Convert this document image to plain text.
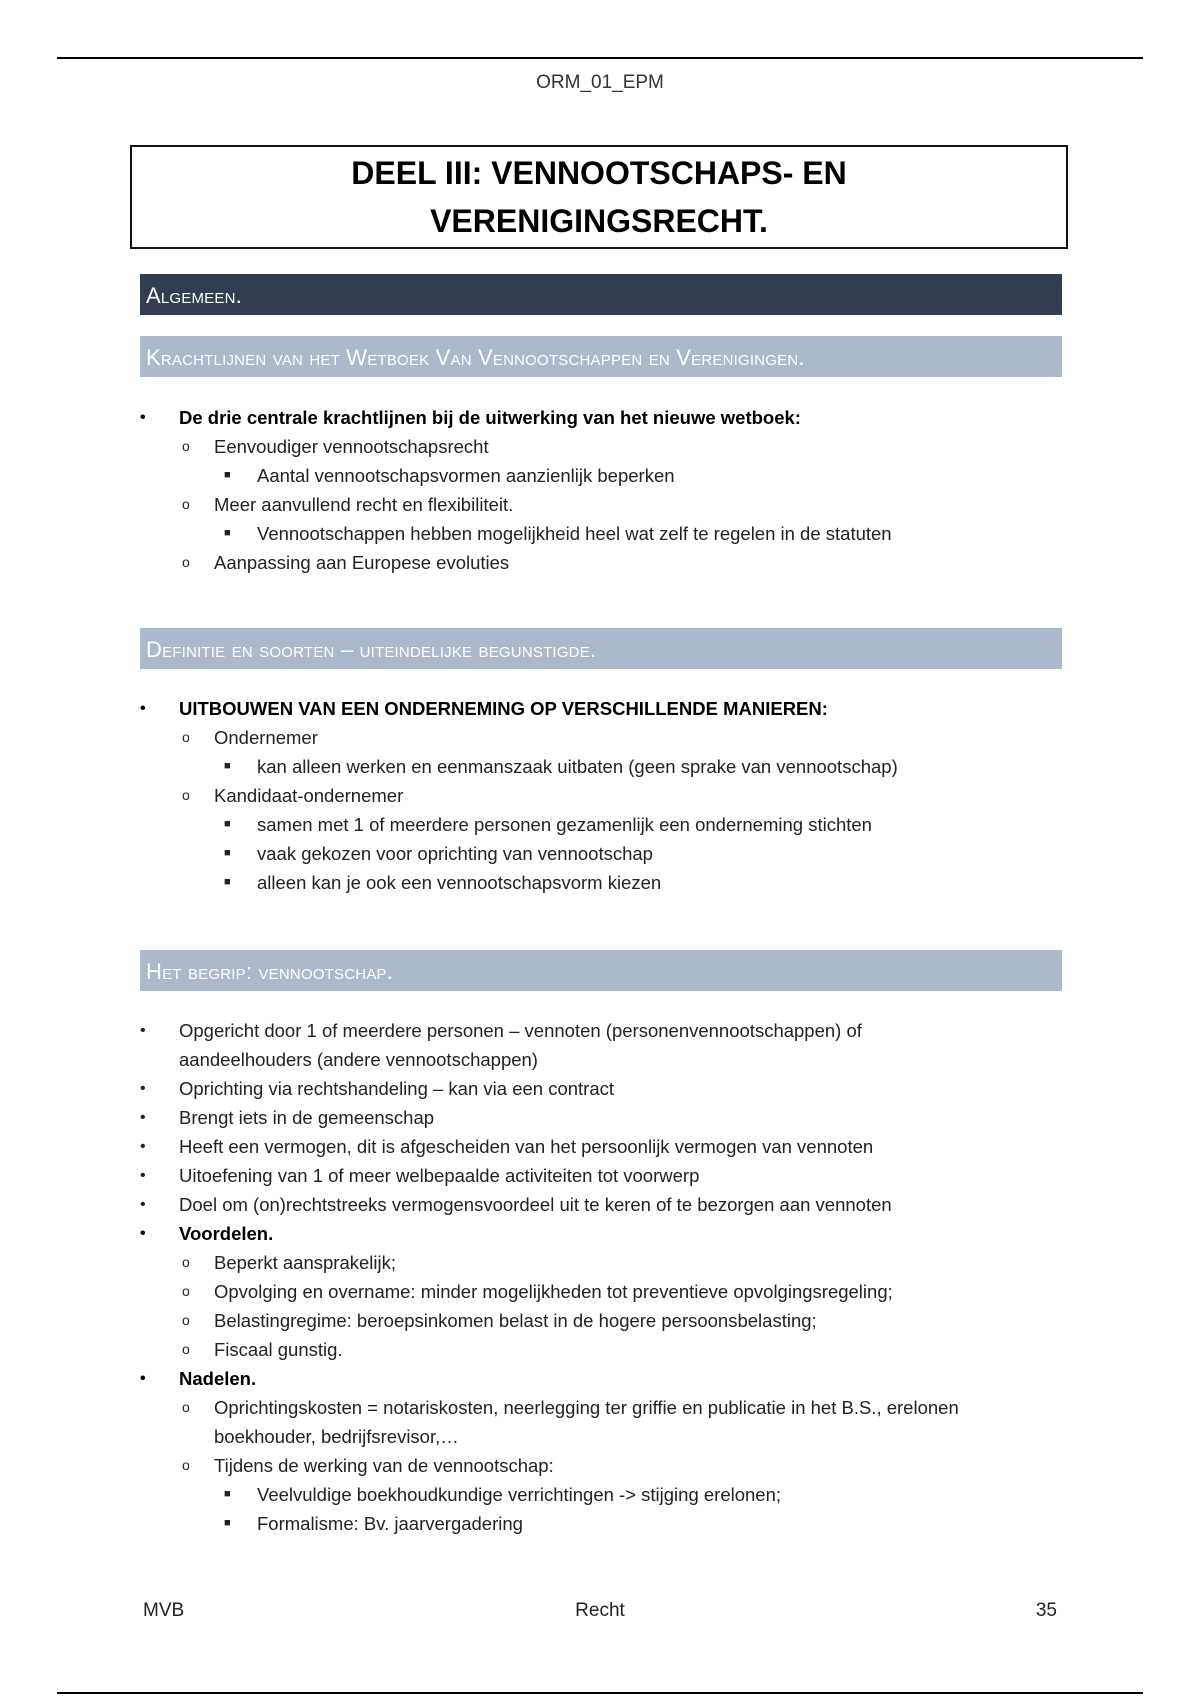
ORM_01_EPM
DEEL III: VENNOOTSCHAPS- EN
VERENIGINGSRECHT.
Algemeen.
Krachtlijnen van het Wetboek Van Vennootschappen en Verenigingen.
• De drie centrale krachtlijnen bij de uitwerking van het nieuwe wetboek:
o Eenvoudiger vennootschapsrecht
■ Aantal vennootschapsvormen aanzienlijk beperken
o Meer aanvullend recht en flexibiliteit.
■ Vennootschappen hebben mogelijkheid heel wat zelf te regelen in de statuten
o Aanpassing aan Europese evoluties
Definitie en soorten – uiteindelijke begunstigde.
• UITBOUWEN VAN EEN ONDERNEMING OP VERSCHILLENDE MANIEREN:
o Ondernemer
■ kan alleen werken en eenmanszaak uitbaten (geen sprake van vennootschap)
o Kandidaat-ondernemer
■ samen met 1 of meerdere personen gezamenlijk een onderneming stichten
■ vaak gekozen voor oprichting van vennootschap
■ alleen kan je ook een vennootschapsvorm kiezen
Het begrip: vennootschap.
• Opgericht door 1 of meerdere personen – vennoten (personenvennootschappen) of aandeelhouders (andere vennootschappen)
• Oprichting via rechtshandeling – kan via een contract
• Brengt iets in de gemeenschap
• Heeft een vermogen, dit is afgescheiden van het persoonlijk vermogen van vennoten
• Uitoefening van 1 of meer welbepaalde activiteiten tot voorwerp
• Doel om (on)rechtstreeks vermogensvoordeel uit te keren of te bezorgen aan vennoten
• Voordelen.
o Beperkt aansprakelijk;
o Opvolging en overname: minder mogelijkheden tot preventieve opvolgingsregeling;
o Belastingregime: beroepsinkomen belast in de hogere persoonsbelasting;
o Fiscaal gunstig.
• Nadelen.
o Oprichtingskosten = notariskosten, neerlegging ter griffie en publicatie in het B.S., erelonen boekhouder, bedrijfsrevisor,…
o Tijdens de werking van de vennootschap:
■ Veelvuldige boekhoudkundige verrichtingen -> stijging erelonen;
■ Formalisme: Bv. jaarvergadering
MVB	Recht	35
